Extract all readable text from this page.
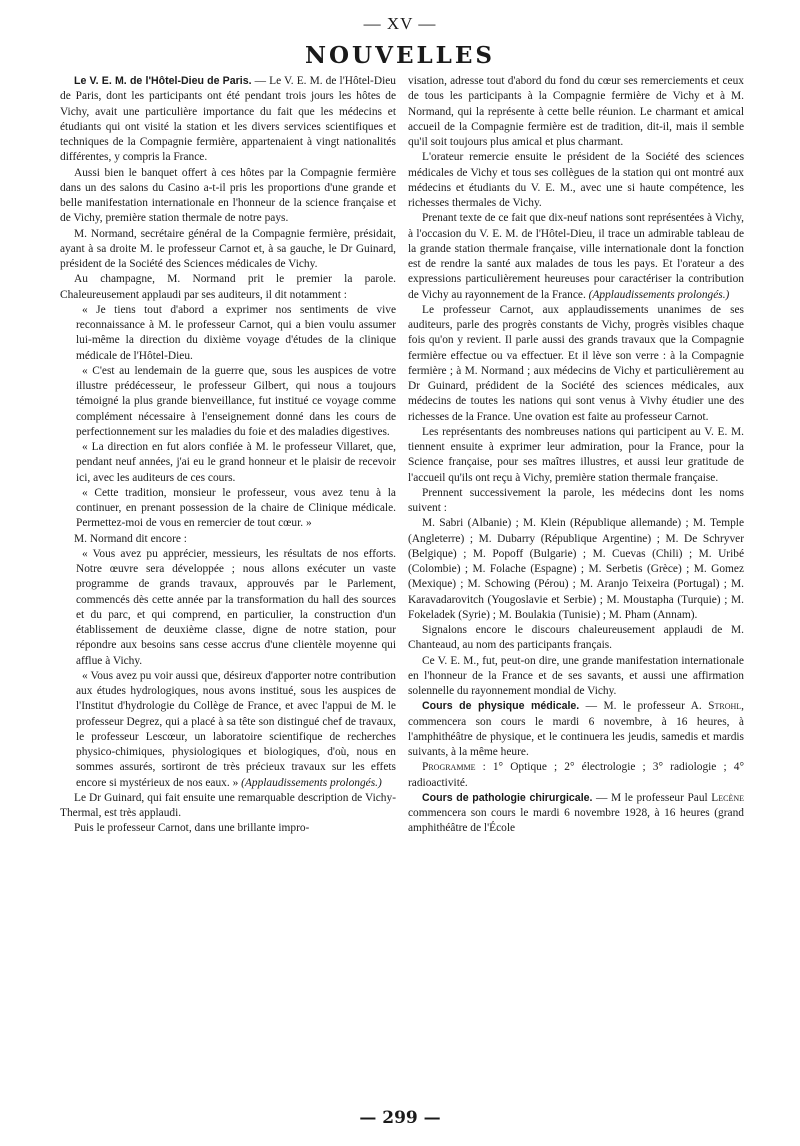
— XV —
NOUVELLES

Le V. E. M. de l'Hôtel-Dieu de Paris. — Le V. E. M. de l'Hôtel-Dieu de Paris, dont les participants ont été pendant trois jours les hôtes de Vichy, avait une particulière importance du fait que les médecins et étudiants qui ont visité la station et les divers services scientifiques et techniques de la Compagnie fermière, appartenaient à vingt nationalités différentes, y compris la France.

Aussi bien le banquet offert à ces hôtes par la Compagnie fermière dans un des salons du Casino a-t-il pris les proportions d'une grande et belle manifestation internationale en l'honneur de la science française et de Vichy, première station thermale de notre pays.

M. Normand, secrétaire général de la Compagnie fermière, présidait, ayant à sa droite M. le professeur Carnot et, à sa gauche, le Dr Guinard, président de la Société des Sciences médicales de Vichy.

Au champagne, M. Normand prit le premier la parole. Chaleureusement applaudi par ses auditeurs, il dit notamment :

« Je tiens tout d'abord a exprimer nos sentiments de vive reconnaissance à M. le professeur Carnot, qui a bien voulu assumer lui-même la direction du dixième voyage d'études de la clinique médicale de l'Hôtel-Dieu.

« C'est au lendemain de la guerre que, sous les auspices de votre illustre prédécesseur, le professeur Gilbert, qui nous a toujours témoigné la plus grande bienveillance, fut institué ce voyage comme complément nécessaire à l'enseignement donné dans les cours de perfectionnement sur les maladies du foie et des maladies digestives.

« La direction en fut alors confiée à M. le professeur Villaret, que, pendant neuf années, j'ai eu le grand honneur et le plaisir de recevoir ici, avec les auditeurs de ces cours.

« Cette tradition, monsieur le professeur, vous avez tenu à la continuer, en prenant possession de la chaire de Clinique médicale. Permettez-moi de vous en remercier de tout cœur. »

M. Normand dit encore :

« Vous avez pu apprécier, messieurs, les résultats de nos efforts. Notre œuvre sera développée ; nous allons exécuter un vaste programme de grands travaux, approuvés par le Parlement, commencés dès cette année par la transformation du hall des sources et du parc, et qui comprend, en particulier, la construction d'un établissement de deuxième classe, digne de notre station, pour répondre aux besoins sans cesse accrus d'une clientèle moyenne qui afflue à Vichy.

« Vous avez pu voir aussi que, désireux d'apporter notre contribution aux études hydrologiques, nous avons institué, sous les auspices de l'Institut d'hydrologie du Collège de France, et avec l'appui de M. le professeur Degrez, qui a placé à sa tête son distingué chef de travaux, le professeur Lescœur, un laboratoire scientifique de recherches physico-chimiques, physiologiques et biologiques, d'où, nous en sommes assurés, sortiront de très précieux travaux sur les effets encore si mystérieux de nos eaux. » (Applaudissements prolongés.)

Le Dr Guinard, qui fait ensuite une remarquable description de Vichy-Thermal, est très applaudi.

Puis le professeur Carnot, dans une brillante impro-

visation, adresse tout d'abord du fond du cœur ses remerciements et ceux de tous les participants à la Compagnie fermière de Vichy et à M. Normand, qui la représente à cette belle réunion. Le charmant et amical accueil de la Compagnie fermière est de tradition, dit-il, mais il semble qu'il soit toujours plus amical et plus charmant.

L'orateur remercie ensuite le président de la Société des sciences médicales de Vichy et tous ses collègues de la station qui ont montré aux médecins et étudiants du V. E. M., avec une si haute compétence, les richesses thermales de Vichy.

Prenant texte de ce fait que dix-neuf nations sont représentées à Vichy, à l'occasion du V. E. M. de l'Hôtel-Dieu, il trace un admirable tableau de la grande station thermale française, ville internationale dont la fonction est de rendre la santé aux malades de tous les pays. Et l'orateur a des expressions particulièrement heureuses pour caractériser la contribution de Vichy au rayonnement de la France. (Applaudissements prolongés.)

Le professeur Carnot, aux applaudissements unanimes de ses auditeurs, parle des progrès constants de Vichy, progrès visibles chaque fois qu'on y revient. Il parle aussi des grands travaux que la Compagnie fermière effectue ou va effectuer. Et il lève son verre : à la Compagnie fermière ; à M. Normand ; aux médecins de Vichy et particulièrement au Dr Guinard, prédident de la Société des sciences médicales, aux médecins de toutes les nations qui sont venus à Vivhy étudier une des richesses de la France. Une ovation est faite au professeur Carnot.

Les représentants des nombreuses nations qui participent au V. E. M. tiennent ensuite à exprimer leur admiration, pour la France, pour la Science française, pour ses maîtres illustres, et aussi leur gratitude de l'accueil qu'ils ont reçu à Vichy, première station thermale française.

Prennent successivement la parole, les médecins dont les noms suivent :

M. Sabri (Albanie) ; M. Klein (République allemande) ; M. Temple (Angleterre) ; M. Dubarry (République Argentine) ; M. De Schryver (Belgique) ; M. Popoff (Bulgarie) ; M. Cuevas (Chili) ; M. Uribé (Colombie) ; M. Folache (Espagne) ; M. Serbetis (Grèce) ; M. Gomez (Mexique) ; M. Schowing (Pérou) ; M. Aranjo Teixeira (Portugal) ; M. Karavadarovitch (Yougoslavie et Serbie) ; M. Moustapha (Turquie) ; M. Fokeladek (Syrie) ; M. Boulakia (Tunisie) ; M. Pham (Annam).

Signalons encore le discours chaleureusement applaudi de M. Chanteaud, au nom des participants français.

Ce V. E. M., fut, peut-on dire, une grande manifestation internationale en l'honneur de la France et de ses savants, et aussi une affirmation solennelle du rayonnement mondial de Vichy.

Cours de physique médicale. — M. le professeur A. Strohl, commencera son cours le mardi 6 novembre, à 16 heures, à l'amphithéâtre de physique, et le continuera les jeudis, samedis et mardis suivants, à la même heure.

Programme : 1° Optique ; 2° électrologie ; 3° radiologie ; 4° radioactivité.

Cours de pathologie chirurgicale. — M le professeur Paul Lecène commencera son cours le mardi 6 novembre 1928, à 16 heures (grand amphithéâtre de l'École

— 299 —
